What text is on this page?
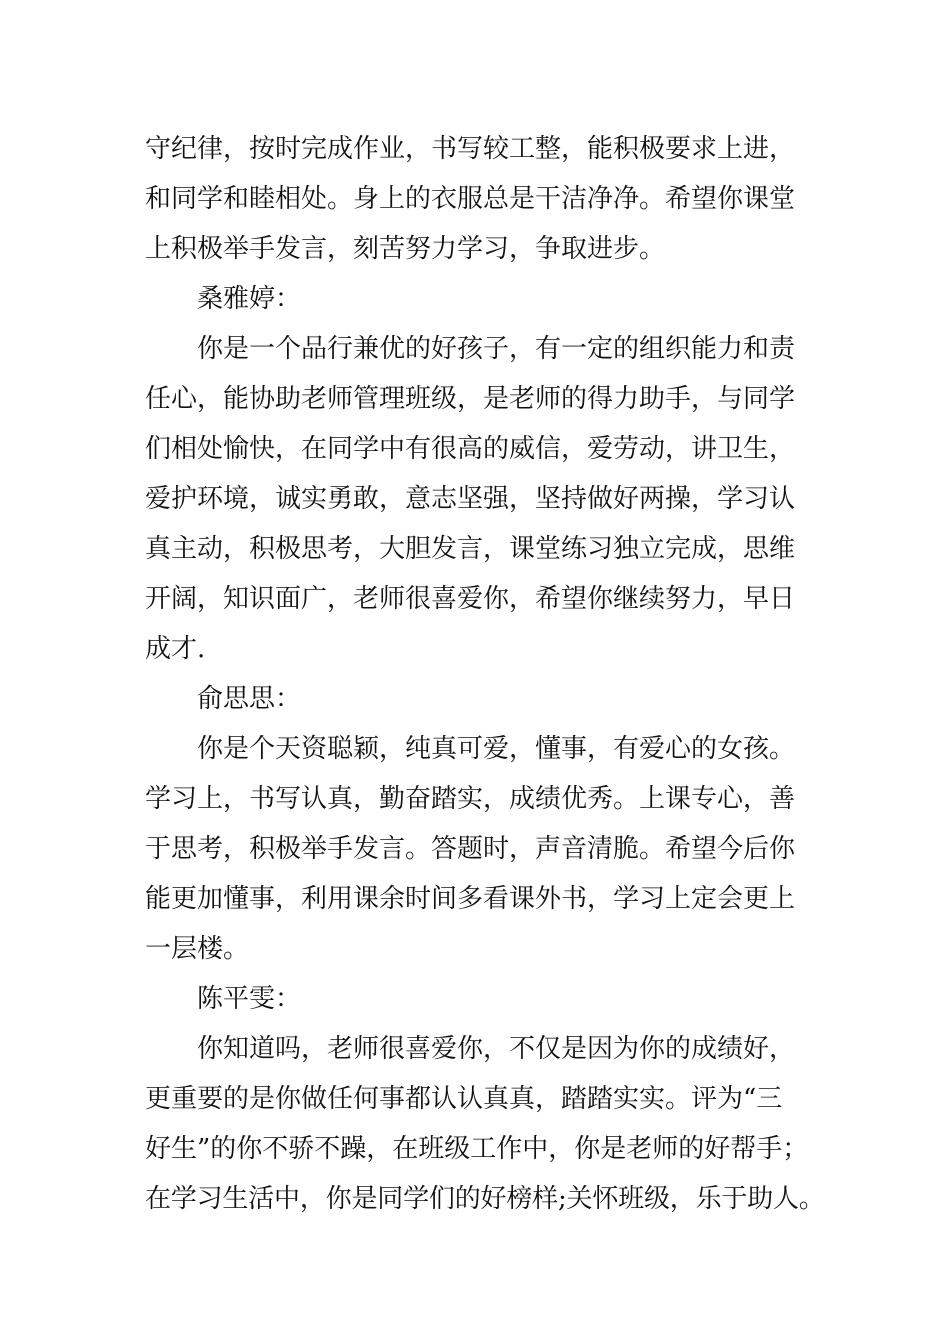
守纪律，按时完成作业，书写较工整，能积极要求上进，
和同学和睦相处。身上的衣服总是干洁净净。希望你课堂
上积极举手发言，刻苦努力学习，争取进步。
桑雅婷：
你是一个品行兼优的好孩子，有一定的组织能力和责
任心，能协助老师管理班级，是老师的得力助手，与同学
们相处愉快，在同学中有很高的威信，爱劳动，讲卫生，
爱护环境，诚实勇敢，意志坚强，坚持做好两操，学习认
真主动，积极思考，大胆发言，课堂练习独立完成，思维
开阔，知识面广，老师很喜爱你，希望你继续努力，早日
成才.
俞思思：
你是个天资聪颖，纯真可爱，懂事，有爱心的女孩。
学习上，书写认真，勤奋踏实，成绩优秀。上课专心，善
于思考，积极举手发言。答题时，声音清脆。希望今后你
能更加懂事，利用课余时间多看课外书，学习上定会更上
一层楼。
陈平雯：
你知道吗，老师很喜爱你，不仅是因为你的成绩好，
更重要的是你做任何事都认认真真，踏踏实实。评为“三
好生”的你不骄不躁，在班级工作中，你是老师的好帮手；
在学习生活中，你是同学们的好榜样;关怀班级，乐于助人。
